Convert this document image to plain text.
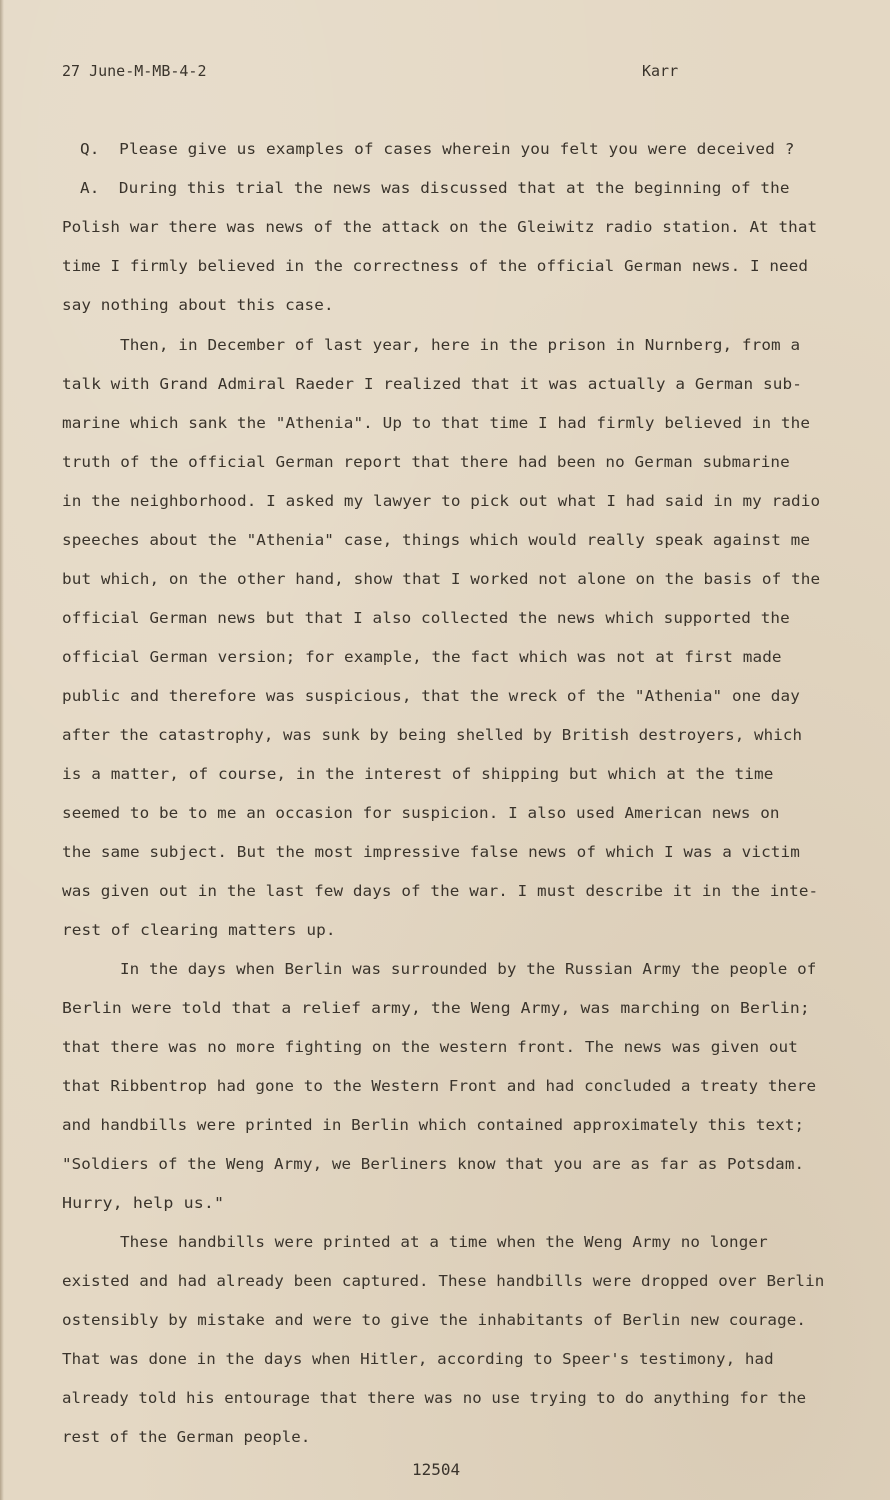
27 June-M-MB-4-2	Karr
Q.  Please give us examples of cases wherein you felt you were deceived ?
A.  During this trial the news was discussed that at the beginning of the
Polish war there was news of the attack on the Gleiwitz radio station. At that
time I firmly believed in the correctness of the official German news. I need
say nothing about this case.
Then, in December of last year, here in the prison in Nurnberg, from a
talk with Grand Admiral Raeder I realized that it was actually a German sub-
marine which sank the "Athenia". Up to that time I had firmly believed in the
truth of the official German report that there had been no German submarine
in the neighborhood. I asked my lawyer to pick out what I had said in my radio
speeches about the "Athenia" case, things which would really speak against me
but which, on the other hand, show that I worked not alone on the basis of the
official German news but that I also collected the news which supported the
official German version; for example, the fact which was not at first made
public and therefore was suspicious, that the wreck of the "Athenia" one day
after the catastrophy, was sunk by being shelled by British destroyers, which
is a matter, of course, in the interest of shipping but which at the time
seemed to be to me an occasion for suspicion. I also used American news on
the same subject. But the most impressive false news of which I was a victim
was given out in the last few days of the war. I must describe it in the inte-
rest of clearing matters up.
In the days when Berlin was surrounded by the Russian Army the people of
Berlin were told that a relief army, the Weng Army, was marching on Berlin;
that there was no more fighting on the western front. The news was given out
that Ribbentrop had gone to the Western Front and had concluded a treaty there
and handbills were printed in Berlin which contained approximately this text;
"Soldiers of the Weng Army, we Berliners know that you are as far as Potsdam.
Hurry, help us."
These handbills were printed at a time when the Weng Army no longer
existed and had already been captured. These handbills were dropped over Berlin
ostensibly by mistake and were to give the inhabitants of Berlin new courage.
That was done in the days when Hitler, according to Speer's testimony, had
already told his entourage that there was no use trying to do anything for the
rest of the German people.
12504
